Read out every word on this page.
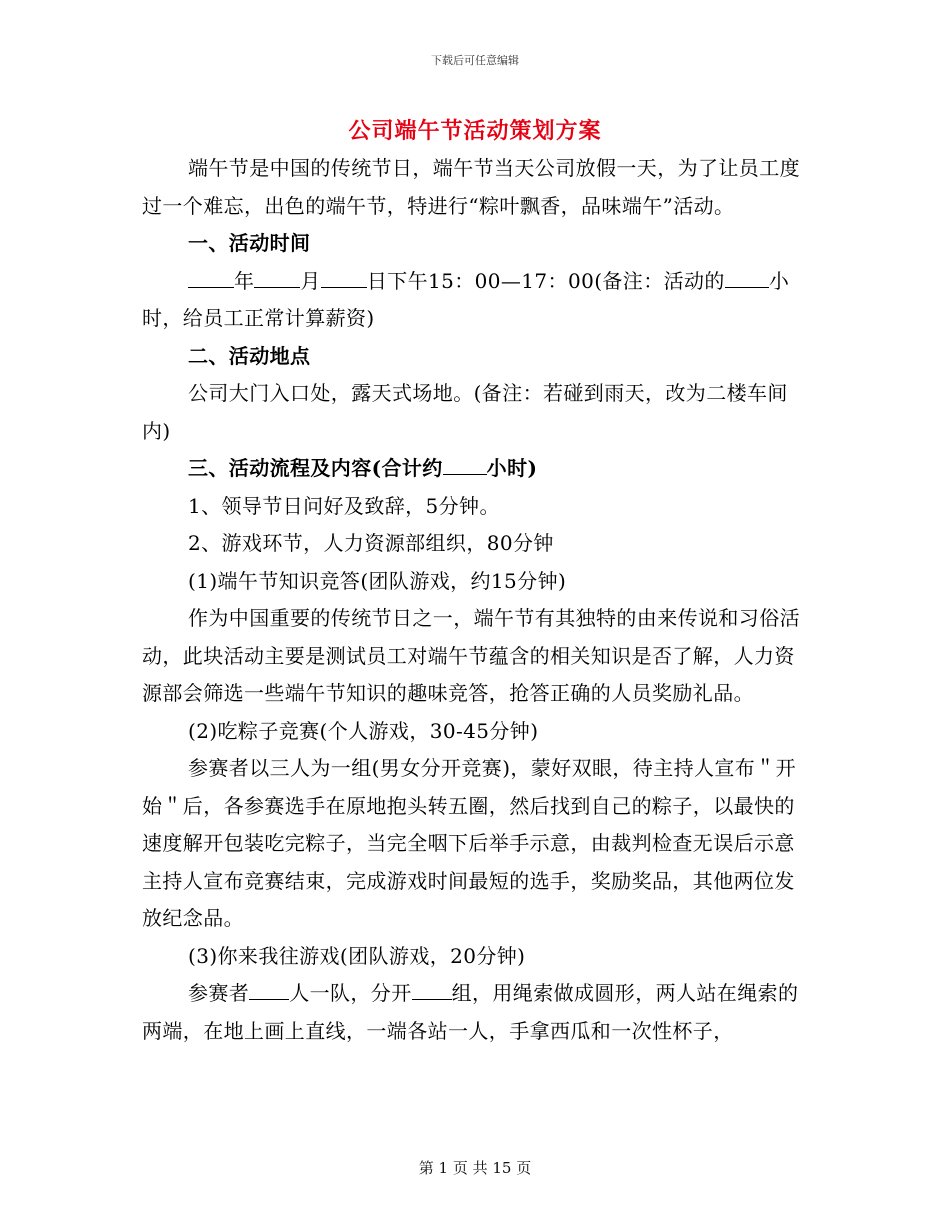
下载后可任意编辑
公司端午节活动策划方案

端午节是中国的传统节日，端午节当天公司放假一天，为了让员工度过一个难忘，出色的端午节，特进行“粽叶飘香，品味端午”活动。

一、活动时间

年 月 日下午15：00—17：00(备注：活动的 小时，给员工正常计算薪资)

二、活动地点

公司大门入口处，露天式场地。(备注：若碰到雨天，改为二楼车间内)

三、活动流程及内容(合计约 小时)

1、领导节日问好及致辞，5分钟。

2、游戏环节，人力资源部组织，80分钟

(1)端午节知识竞答(团队游戏，约15分钟)

作为中国重要的传统节日之一，端午节有其独特的由来传说和习俗活动，此块活动主要是测试员工对端午节蕴含的相关知识是否了解，人力资源部会筛选一些端午节知识的趣味竞答，抢答正确的人员奖励礼品。

(2)吃粽子竞赛(个人游戏，30-45分钟)

参赛者以三人为一组(男女分开竞赛)，蒙好双眼，待主持人宣布＂开始＂后，各参赛选手在原地抱头转五圈，然后找到自己的粽子，以最快的速度解开包装吃完粽子，当完全咽下后举手示意，由裁判检查无误后示意主持人宣布竞赛结束，完成游戏时间最短的选手，奖励奖品，其他两位发放纪念品。

(3)你来我往游戏(团队游戏，20分钟)

参赛者 人一队，分开 组，用绳索做成圆形，两人站在绳索的两端，在地上画上直线，一端各站一人，手拿西瓜和一次性杯子，

第 1 页 共 15 页
